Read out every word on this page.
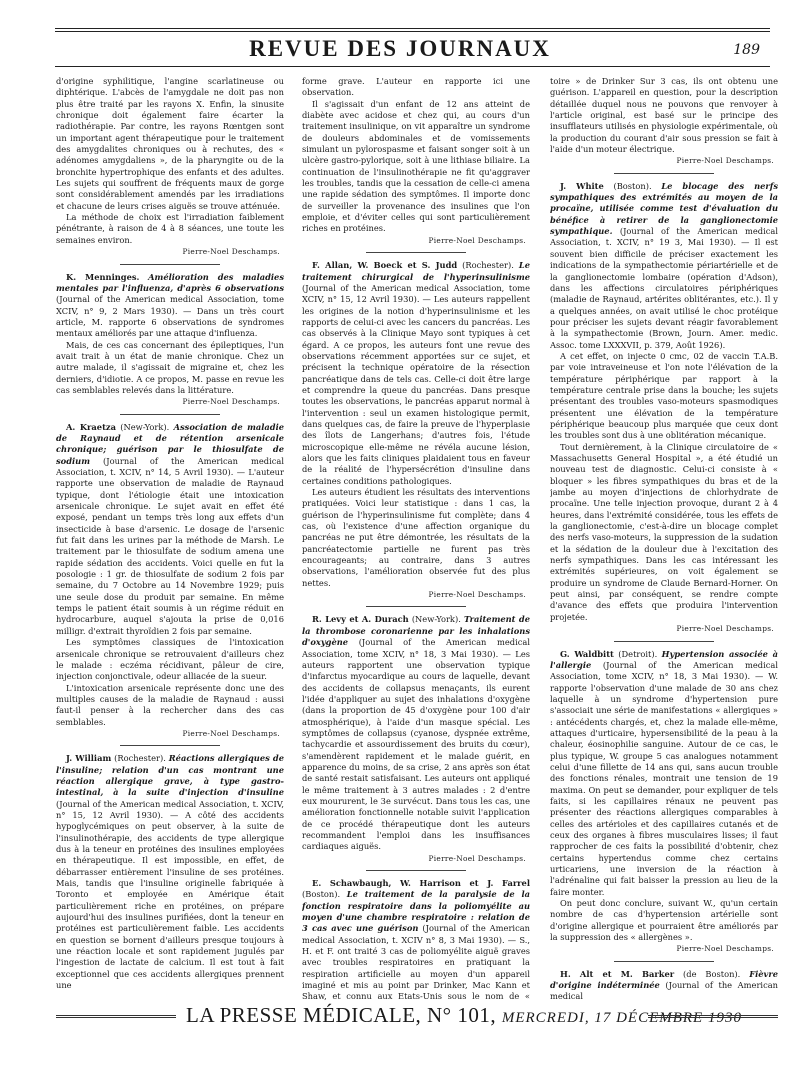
REVUE DES JOURNAUX	189

d'origine syphilitique, l'angine scarlatineuse ou diphtérique. L'abcès de l'amygdale ne doit pas non plus être traité par les rayons X. Enfin, la sinusite chronique doit également faire écarter la radiothérapie. Par contre, les rayons Rœntgen sont un important agent thérapeutique pour le traitement des amygdalites chroniques ou à rechutes, des « adénomes amygdaliens », de la pharyngite ou de la bronchite hypertrophique des enfants et des adultes. Les sujets qui souffrent de fréquents maux de gorge sont considérablement amendés par les irradiations et chacune de leurs crises aiguës se trouve atténuée.

La méthode de choix est l'irradiation faiblement pénétrante, à raison de 4 à 8 séances, une toute les semaines environ.

Pierre-Noel Deschamps.

K. Menninges. Amélioration des maladies mentales par l'influenza, d'après 6 observations (Journal of the American medical Association, tome XCIV, n° 9, 2 Mars 1930). — Dans un très court article, M. rapporte 6 observations de syndromes mentaux améliorés par une attaque d'influenza.

Mais, de ces cas concernant des épileptiques, l'un avait trait à un état de manie chronique. Chez un autre malade, il s'agissait de migraine et, chez les derniers, d'idiotie. A ce propos, M. passe en revue les cas semblables relevés dans la littérature.

Pierre-Noel Deschamps.

A. Kraetza (New-York). Association de maladie de Raynaud et de rétention arsenicale chronique; guérison par le thiosulfate de sodium (Journal of the American medical Association, t. XCIV, n° 14, 5 Avril 1930). — L'auteur rapporte une observation de maladie de Raynaud typique, dont l'étiologie était une intoxication arsenicale chronique. Le sujet avait en effet été exposé, pendant un temps très long aux effets d'un insecticide à base d'arsenic. Le dosage de l'arsenic fut fait dans les urines par la méthode de Marsh. Le traitement par le thiosulfate de sodium amena une rapide sédation des accidents. Voici quelle en fut la posologie : 1 gr. de thiosulfate de sodium 2 fois par semaine, du 7 Octobre au 14 Novembre 1929; puis une seule dose du produit par semaine. En même temps le patient était soumis à un régime réduit en hydrocarbure, auquel s'ajouta la prise de 0,016 milligr. d'extrait thyroïdien 2 fois par semaine.

Les symptômes classiques de l'intoxication arsenicale chronique se retrouvaient d'ailleurs chez le malade : eczéma récidivant, pâleur de cire, injection conjonctivale, odeur alliacée de la sueur.

L'intoxication arsenicale représente donc une des multiples causes de la maladie de Raynaud : aussi faut-il penser à la rechercher dans des cas semblables.

Pierre-Noel Deschamps.

J. William (Rochester). Réactions allergiques de l'insuline; relation d'un cas montrant une réaction allergique grave, à type gastro-intestinal, à la suite d'injection d'insuline (Journal of the American medical Association, t. XCIV, n° 15, 12 Avril 1930). — A côté des accidents hypoglycémiques on peut observer, à la suite de l'insulinothérapie, des accidents de type allergique dus à la teneur en protéines des insulines employées en thérapeutique. Il est impossible, en effet, de débarrasser entièrement l'insuline de ses protéines. Mais, tandis que l'insuline originelle fabriquée à Toronto et employée en Amérique était particulièrement riche en protéines, on prépare aujourd'hui des insulines purifiées, dont la teneur en protéines est particulièrement faible. Les accidents en question se bornent d'ailleurs presque toujours à une réaction locale et sont rapidement jugulés par l'ingestion de lactate de calcium. Il est tout à fait exceptionnel que ces accidents allergiques prennent une

forme grave. L'auteur en rapporte ici une observation.

Il s'agissait d'un enfant de 12 ans atteint de diabète avec acidose et chez qui, au cours d'un traitement insulinique, on vit apparaître un syndrome de douleurs abdominales et de vomissements simulant un pylorospasme et faisant songer soit à un ulcère gastro-pylorique, soit à une lithiase biliaire. La continuation de l'insulinothérapie ne fit qu'aggraver les troubles, tandis que la cessation de celle-ci amena une rapide sédation des symptômes. Il importe donc de surveiller la provenance des insulines que l'on emploie, et d'éviter celles qui sont particulièrement riches en protéines.

Pierre-Noel Deschamps.

F. Allan, W. Boeck et S. Judd (Rochester). Le traitement chirurgical de l'hyperinsulinisme (Journal of the American medical Association, tome XCIV, n° 15, 12 Avril 1930). — Les auteurs rappellent les origines de la notion d'hyperinsulinisme et les rapports de celui-ci avec les cancers du pancréas. Les cas observés à la Clinique Mayo sont typiques à cet égard. A ce propos, les auteurs font une revue des observations récemment apportées sur ce sujet, et précisent la technique opératoire de la résection pancréatique dans de tels cas. Celle-ci doit être large et comprendre la queue du pancréas. Dans presque toutes les observations, le pancréas apparut normal à l'intervention : seul un examen histologique permit, dans quelques cas, de faire la preuve de l'hyperplasie des îlots de Langerhans; d'autres fois, l'étude microscopique elle-même ne révéla aucune lésion, alors que les faits cliniques plaidaient tous en faveur de la réalité de l'hypersécrétion d'insuline dans certaines conditions pathologiques.

Les auteurs étudient les résultats des interventions pratiquées. Voici leur statistique : dans 1 cas, la guérison de l'hyperinsulinisme fut complète; dans 4 cas, où l'existence d'une affection organique du pancréas ne put être démontrée, les résultats de la pancréatectomie partielle ne furent pas très encourageants; au contraire, dans 3 autres observations, l'amélioration observée fut des plus nettes.

Pierre-Noel Deschamps.

R. Levy et A. Durach (New-York). Traitement de la thrombose coronarienne par les inhalations d'oxygène (Journal of the American medical Association, tome XCIV, n° 18, 3 Mai 1930). — Les auteurs rapportent une observation typique d'infarctus myocardique au cours de laquelle, devant des accidents de collapsus menaçants, ils eurent l'idée d'appliquer au sujet des inhalations d'oxygène (dans la proportion de 45 d'oxygène pour 100 d'air atmosphérique), à l'aide d'un masque spécial. Les symptômes de collapsus (cyanose, dyspnée extrême, tachycardie et assourdissement des bruits du cœur), s'amendèrent rapidement et le malade guérit, en apparence du moins, de sa crise, 2 ans après son état de santé restait satisfaisant. Les auteurs ont appliqué le même traitement à 3 autres malades : 2 d'entre eux moururent, le 3e survécut. Dans tous les cas, une amélioration fonctionnelle notable suivit l'application de ce procédé thérapeutique dont les auteurs recommandent l'emploi dans les insuffisances cardiaques aiguës.

Pierre-Noel Deschamps.

E. Schawbaugh, W. Harrison et J. Farrel (Boston). Le traitement de la paralysie de la fonction respiratoire dans la poliomyélite au moyen d'une chambre respiratoire : relation de 3 cas avec une guérison (Journal of the American medical Association, t. XCIV n° 8, 3 Mai 1930). — S., H. et F. ont traité 3 cas de poliomyélite aiguë graves avec troubles respiratoires en pratiquant la respiration artificielle au moyen d'un appareil imaginé et mis au point par Drinker, Mac Kann et Shaw, et connu aux Etats-Unis sous le nom de «

toire » de Drinker Sur 3 cas, ils ont obtenu une guérison. L'appareil en question, pour la description détaillée duquel nous ne pouvons que renvoyer à l'article original, est basé sur le principe des insufflateurs utilisés en physiologie expérimentale, où la production du courant d'air sous pression se fait à l'aide d'un moteur électrique.

Pierre-Noel Deschamps.

J. White (Boston). Le blocage des nerfs sympathiques des extrémités au moyen de la procaïne, utilisée comme test d'évaluation du bénéfice à retirer de la ganglionectomie sympathique. (Journal of the American medical Association, t. XCIV, n° 19 3, Mai 1930). — Il est souvent bien difficile de préciser exactement les indications de la sympathectomie périartérielle et de la ganglionectomie lombaire (opération d'Adson), dans les affections circulatoires périphériques (maladie de Raynaud, artérites oblitérantes, etc.). Il y a quelques années, on avait utilisé le choc protéique pour préciser les sujets devant réagir favorablement à la sympathectomie (Brown, Journ. Amer. medic. Assoc. tome LXXXVII, p. 379, Août 1926).

A cet effet, on injecte 0 cmc, 02 de vaccin T.A.B. par voie intraveineuse et l'on note l'élévation de la température périphérique par rapport à la température centrale prise dans la bouche; les sujets présentant des troubles vaso-moteurs spasmodiques présentent une élévation de la température périphérique beaucoup plus marquée que ceux dont les troubles sont dus à une oblitération mécanique.

Tout dernièrement, à la Clinique circulatoire de « Massachusetts General Hospital », a été étudié un nouveau test de diagnostic. Celui-ci consiste à « bloquer » les fibres sympathiques du bras et de la jambe au moyen d'injections de chlorhydrate de procaïne. Une telle injection provoque, durant 2 à 4 heures, dans l'extrémité considérée, tous les effets de la ganglionectomie, c'est-à-dire un blocage complet des nerfs vaso-moteurs, la suppression de la sudation et la sédation de la douleur due à l'excitation des nerfs sympathiques. Dans les cas intéressant les extrémités supérieures, on voit également se produire un syndrome de Claude Bernard-Horner. On peut ainsi, par conséquent, se rendre compte d'avance des effets que produira l'intervention projetée.

Pierre-Noel Deschamps.

G. Waldbitt (Detroit). Hypertension associée à l'allergie (Journal of the American medical Association, tome XCIV, n° 18, 3 Mai 1930). — W. rapporte l'observation d'une malade de 30 ans chez laquelle à un syndrome d'hypertension pure s'associait une série de manifestations « allergiques » : antécédents chargés, et, chez la malade elle-même, attaques d'urticaire, hypersensibilité de la peau à la chaleur, éosinophilie sanguine. Autour de ce cas, le plus typique, W. groupe 5 cas analogues notamment celui d'une fillette de 14 ans qui, sans aucun trouble des fonctions rénales, montrait une tension de 19 maxima. On peut se demander, pour expliquer de tels faits, si les capillaires rénaux ne peuvent pas présenter des réactions allergiques comparables à celles des artérioles et des capillaires cutanés et de ceux des organes à fibres musculaires lisses; il faut rapprocher de ces faits la possibilité d'obtenir, chez certains hypertendus comme chez certains urticariens, une inversion de la réaction à l'adrénaline qui fait baisser la pression au lieu de la faire monter.

On peut donc conclure, suivant W., qu'un certain nombre de cas d'hypertension artérielle sont d'origine allergique et pourraient être améliorés par la suppression des « allergènes ».

Pierre-Noel Deschamps.

H. Alt et M. Barker (de Boston). Fièvre d'origine indéterminée (Journal of the American medical

LA PRESSE MÉDICALE, N° 101, MERCREDI, 17 DÉCEMBRE 1930
